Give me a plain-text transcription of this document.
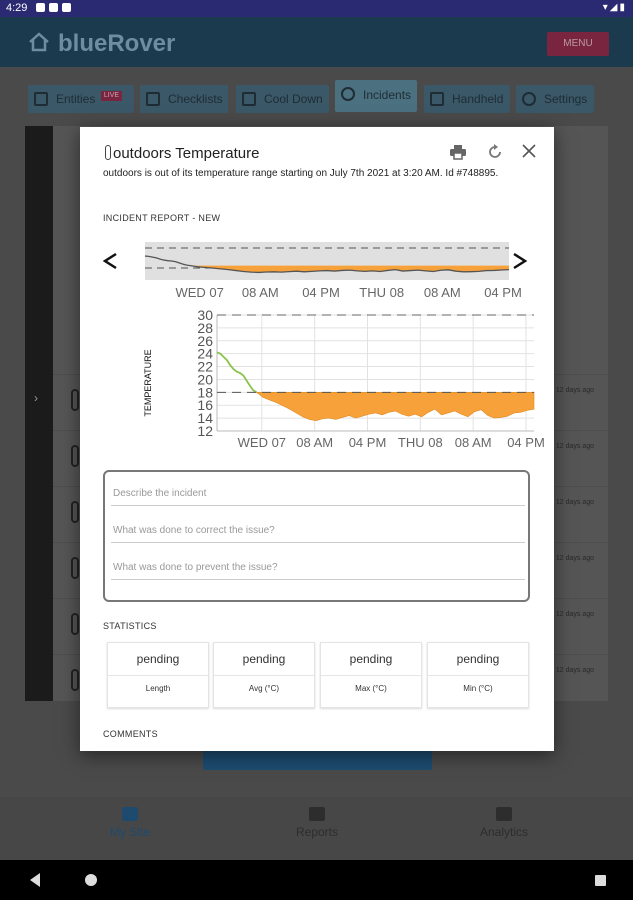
4:29	▾◢▮
blueRover	MENU
Entities	LIVE	Checklists	Cool Down	Incidents	Handheld	Settings
›
12 days ago
12 days ago
12 days ago
12 days ago
12 days ago
12 days ago
My Site	Reports	Analytics
outdoors Temperature
outdoors is out of its temperature range starting on July 7th 2021 at 3:20 AM. Id #748895.
INCIDENT REPORT - NEW
WED 07 08 AM 04 PM THU 08 08 AM 04 PM
12
14
16
18
20
22
24
26
28
30
WED 07 08 AM 04 PM THU 08 08 AM 04 PM
TEMPERATURE
Describe the incident
What was done to correct the issue?
What was done to prevent the issue?
STATISTICS
pending
Length
pending
Avg (°C)
pending
Max (°C)
pending
Min (°C)
COMMENTS
